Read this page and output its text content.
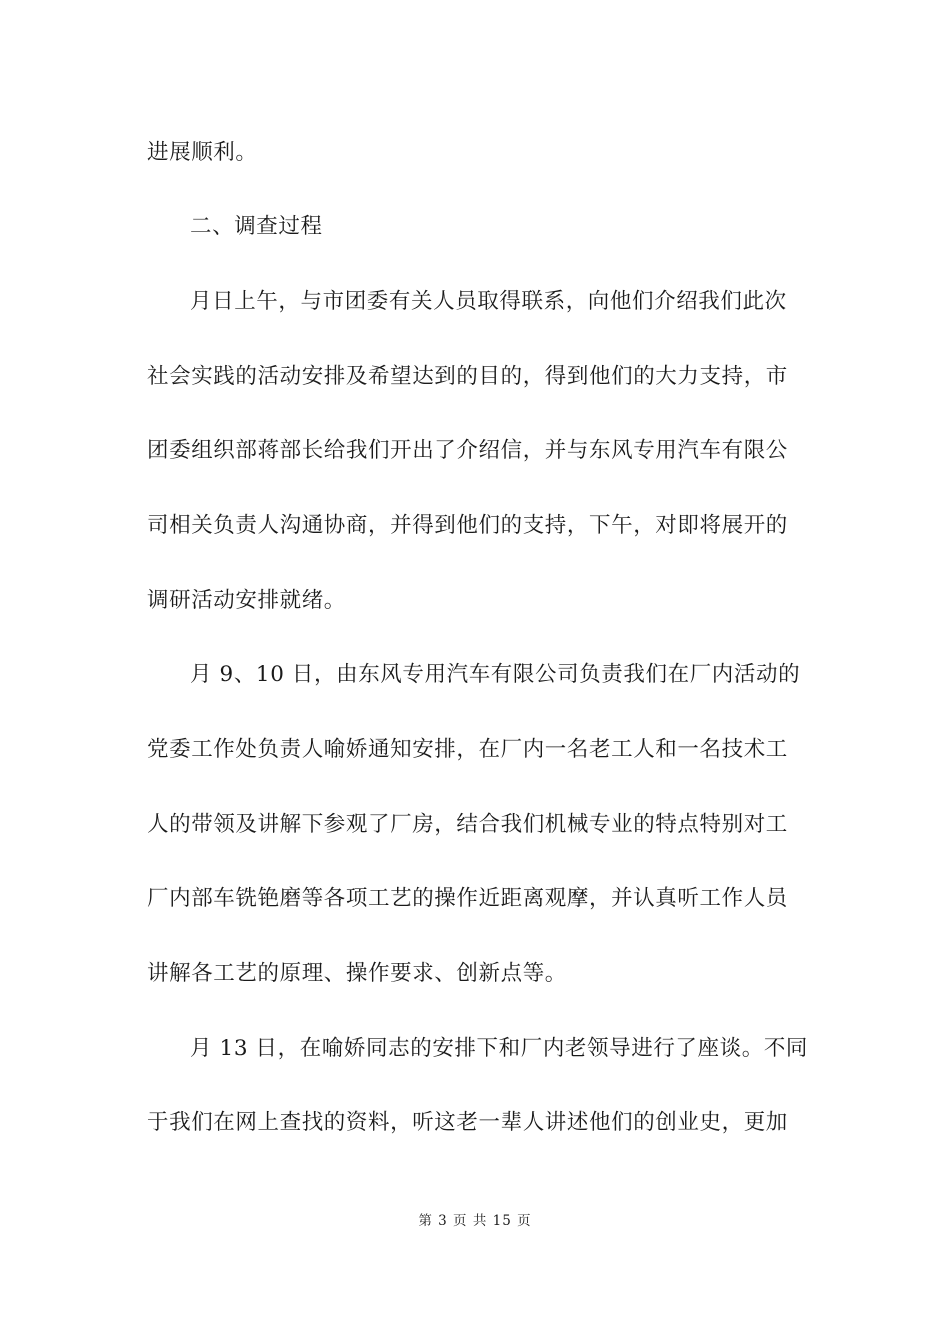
进展顺利。
二、调查过程
月日上午，与市团委有关人员取得联系，向他们介绍我们此次
社会实践的活动安排及希望达到的目的，得到他们的大力支持，市
团委组织部蒋部长给我们开出了介绍信，并与东风专用汽车有限公
司相关负责人沟通协商，并得到他们的支持，下午，对即将展开的
调研活动安排就绪。
月 9、10 日，由东风专用汽车有限公司负责我们在厂内活动的
党委工作处负责人喻娇通知安排，在厂内一名老工人和一名技术工
人的带领及讲解下参观了厂房，结合我们机械专业的特点特别对工
厂内部车铣铯磨等各项工艺的操作近距离观摩，并认真听工作人员
讲解各工艺的原理、操作要求、创新点等。
月 13 日，在喻娇同志的安排下和厂内老领导进行了座谈。不同
于我们在网上查找的资料，听这老一辈人讲述他们的创业史，更加
第 3 页 共 15 页
